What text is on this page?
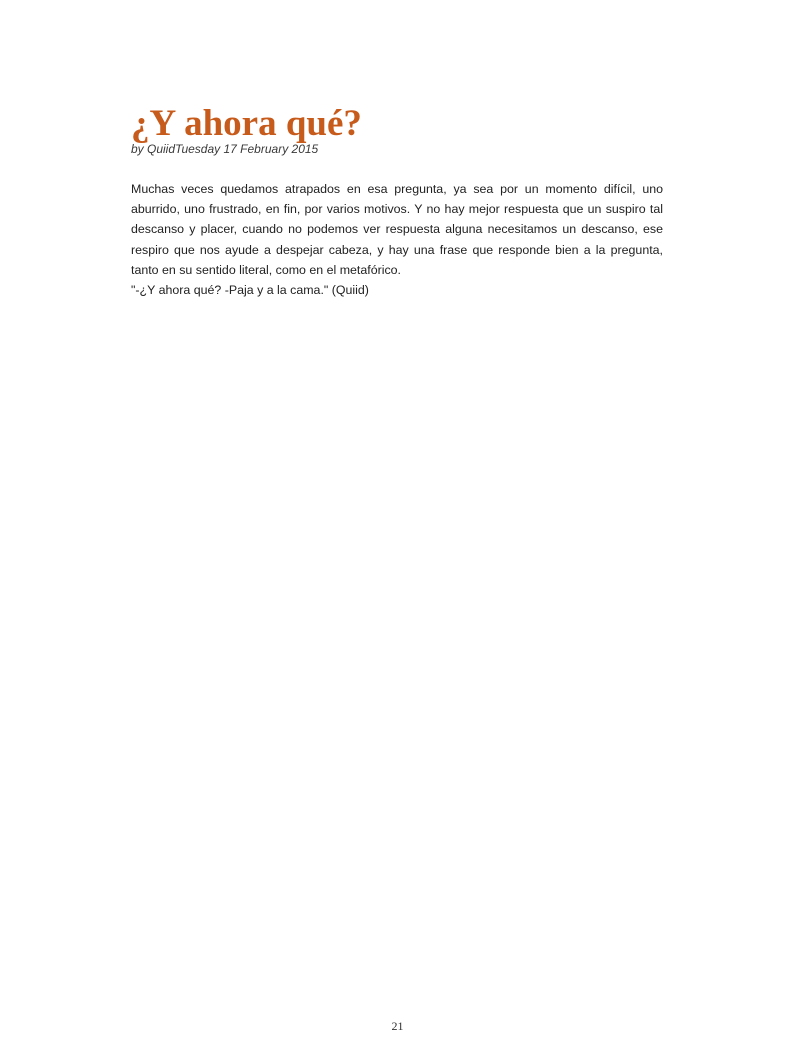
¿Y ahora qué?

by QuiidTuesday 17 February 2015

Muchas veces quedamos atrapados en esa pregunta, ya sea por un momento difícil, uno aburrido, uno frustrado, en fin, por varios motivos. Y no hay mejor respuesta que un suspiro tal descanso y placer, cuando no podemos ver respuesta alguna necesitamos un descanso, ese respiro que nos ayude a despejar cabeza, y hay una frase que responde bien a la pregunta, tanto en su sentido literal, como en el metafórico.

"-¿Y ahora qué? -Paja y a la cama." (Quiid)

21
